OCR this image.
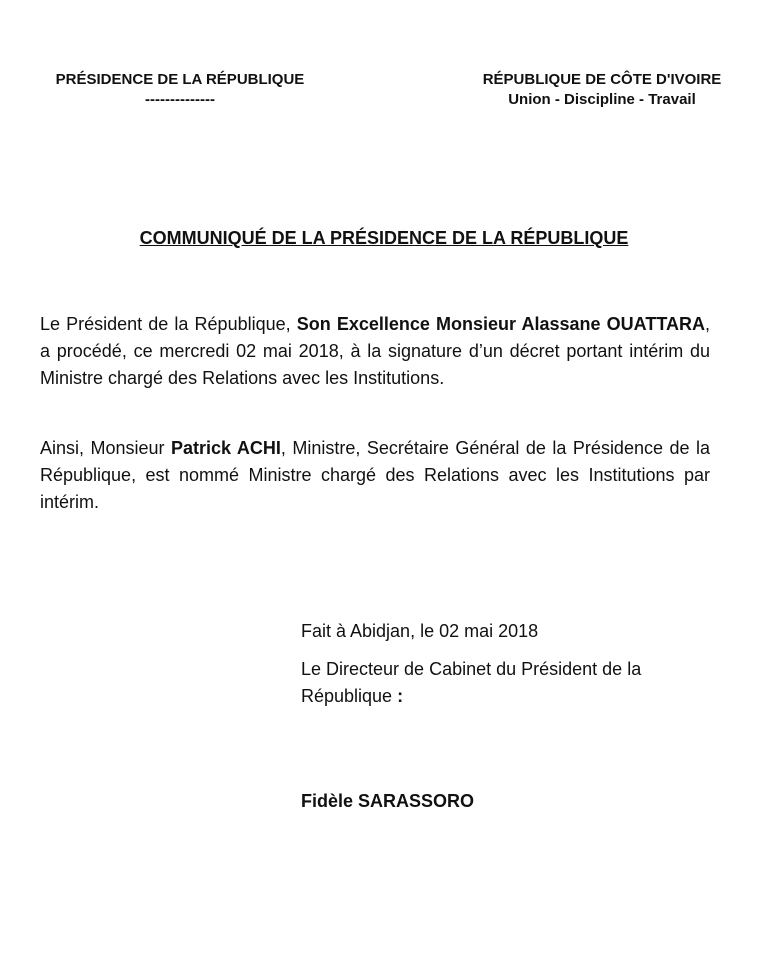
PRÉSIDENCE DE LA RÉPUBLIQUE
--------------
RÉPUBLIQUE DE CÔTE D'IVOIRE
Union - Discipline - Travail
COMMUNIQUÉ DE LA PRÉSIDENCE DE LA RÉPUBLIQUE
Le Président de la République, Son Excellence Monsieur Alassane OUATTARA, a procédé, ce mercredi 02 mai 2018, à la signature d’un décret portant intérim du Ministre chargé des Relations avec les Institutions.
Ainsi, Monsieur Patrick ACHI, Ministre, Secrétaire Général de la Présidence de la République, est nommé Ministre chargé des Relations avec les Institutions par intérim.
Fait à Abidjan, le 02 mai 2018
Le Directeur de Cabinet du Président de la République :
Fidèle SARASSORO
